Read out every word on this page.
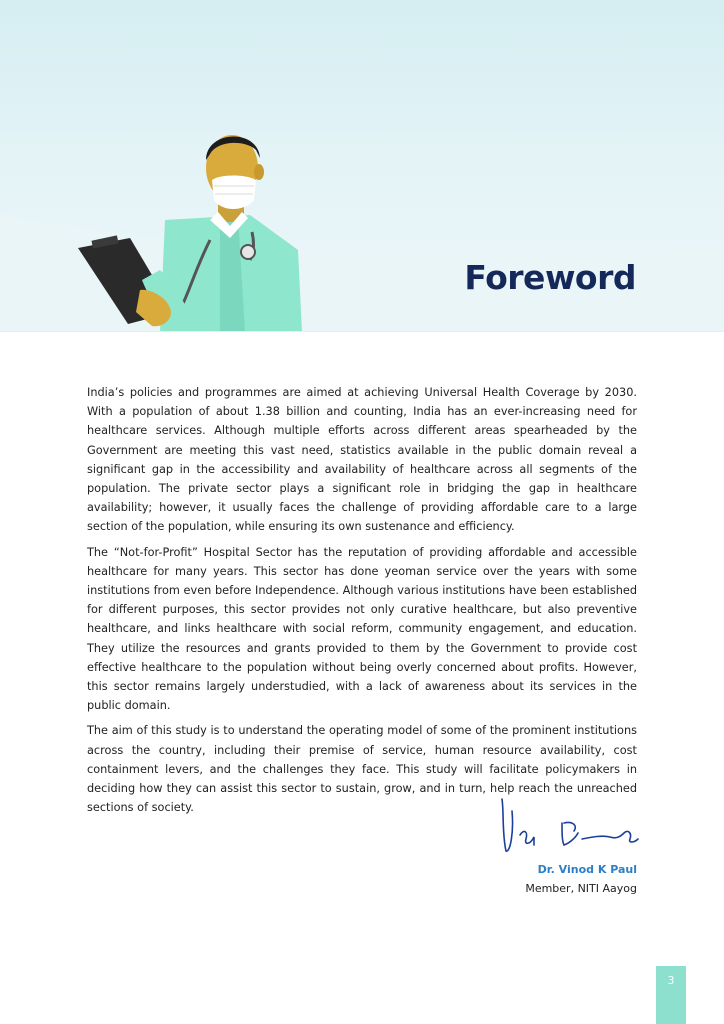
Foreword

India’s policies and programmes are aimed at achieving Universal Health Coverage by 2030. With a population of about 1.38 billion and counting, India has an ever-increasing need for healthcare services. Although multiple efforts across different areas spearheaded by the Government are meeting this vast need, statistics available in the public domain reveal a significant gap in the accessibility and availability of healthcare across all segments of the population. The private sector plays a significant role in bridging the gap in healthcare availability; however, it usually faces the challenge of providing affordable care to a large section of the population, while ensuring its own sustenance and efficiency.

The “Not-for-Profit” Hospital Sector has the reputation of providing affordable and accessible healthcare for many years. This sector has done yeoman service over the years with some institutions from even before Independence. Although various institutions have been established for different purposes, this sector provides not only curative healthcare, but also preventive healthcare, and links healthcare with social reform, community engagement, and education. They utilize the resources and grants provided to them by the Government to provide cost effective healthcare to the population without being overly concerned about profits. However, this sector remains largely understudied, with a lack of awareness about its services in the public domain.

The aim of this study is to understand the operating model of some of the prominent institutions across the country, including their premise of service, human resource availability, cost containment levers, and the challenges they face. This study will facilitate policymakers in deciding how they can assist this sector to sustain, grow, and in turn, help reach the unreached sections of society.

Dr. Vinod K Paul
Member, NITI Aayog
3
